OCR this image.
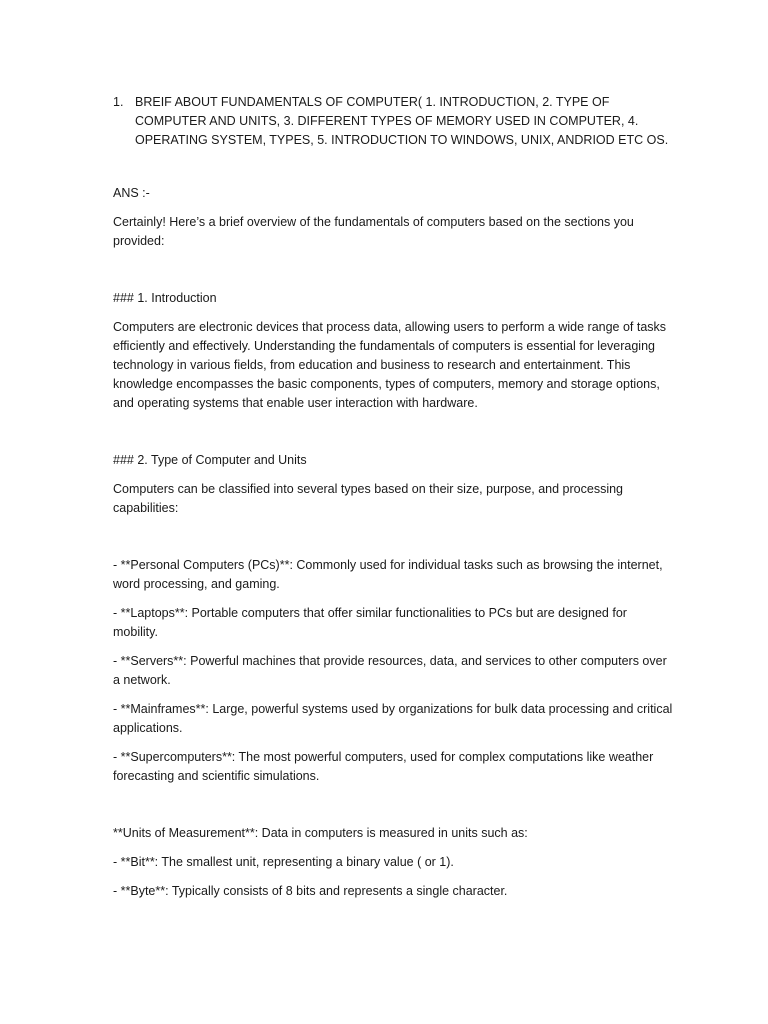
1. BREIF ABOUT FUNDAMENTALS OF COMPUTER( 1. INTRODUCTION, 2. TYPE OF COMPUTER AND UNITS, 3. DIFFERENT TYPES OF MEMORY USED IN COMPUTER, 4. OPERATING SYSTEM, TYPES, 5. INTRODUCTION TO WINDOWS, UNIX, ANDRIOD ETC OS.

ANS :-

Certainly! Here’s a brief overview of the fundamentals of computers based on the sections you provided:

### 1. Introduction

Computers are electronic devices that process data, allowing users to perform a wide range of tasks efficiently and effectively. Understanding the fundamentals of computers is essential for leveraging technology in various fields, from education and business to research and entertainment. This knowledge encompasses the basic components, types of computers, memory and storage options, and operating systems that enable user interaction with hardware.

### 2. Type of Computer and Units

Computers can be classified into several types based on their size, purpose, and processing capabilities:

- **Personal Computers (PCs)**: Commonly used for individual tasks such as browsing the internet, word processing, and gaming.

- **Laptops**: Portable computers that offer similar functionalities to PCs but are designed for mobility.

- **Servers**: Powerful machines that provide resources, data, and services to other computers over a network.

- **Mainframes**: Large, powerful systems used by organizations for bulk data processing and critical applications.

- **Supercomputers**: The most powerful computers, used for complex computations like weather forecasting and scientific simulations.

**Units of Measurement**: Data in computers is measured in units such as:

- **Bit**: The smallest unit, representing a binary value ( or 1).

- **Byte**: Typically consists of 8 bits and represents a single character.
